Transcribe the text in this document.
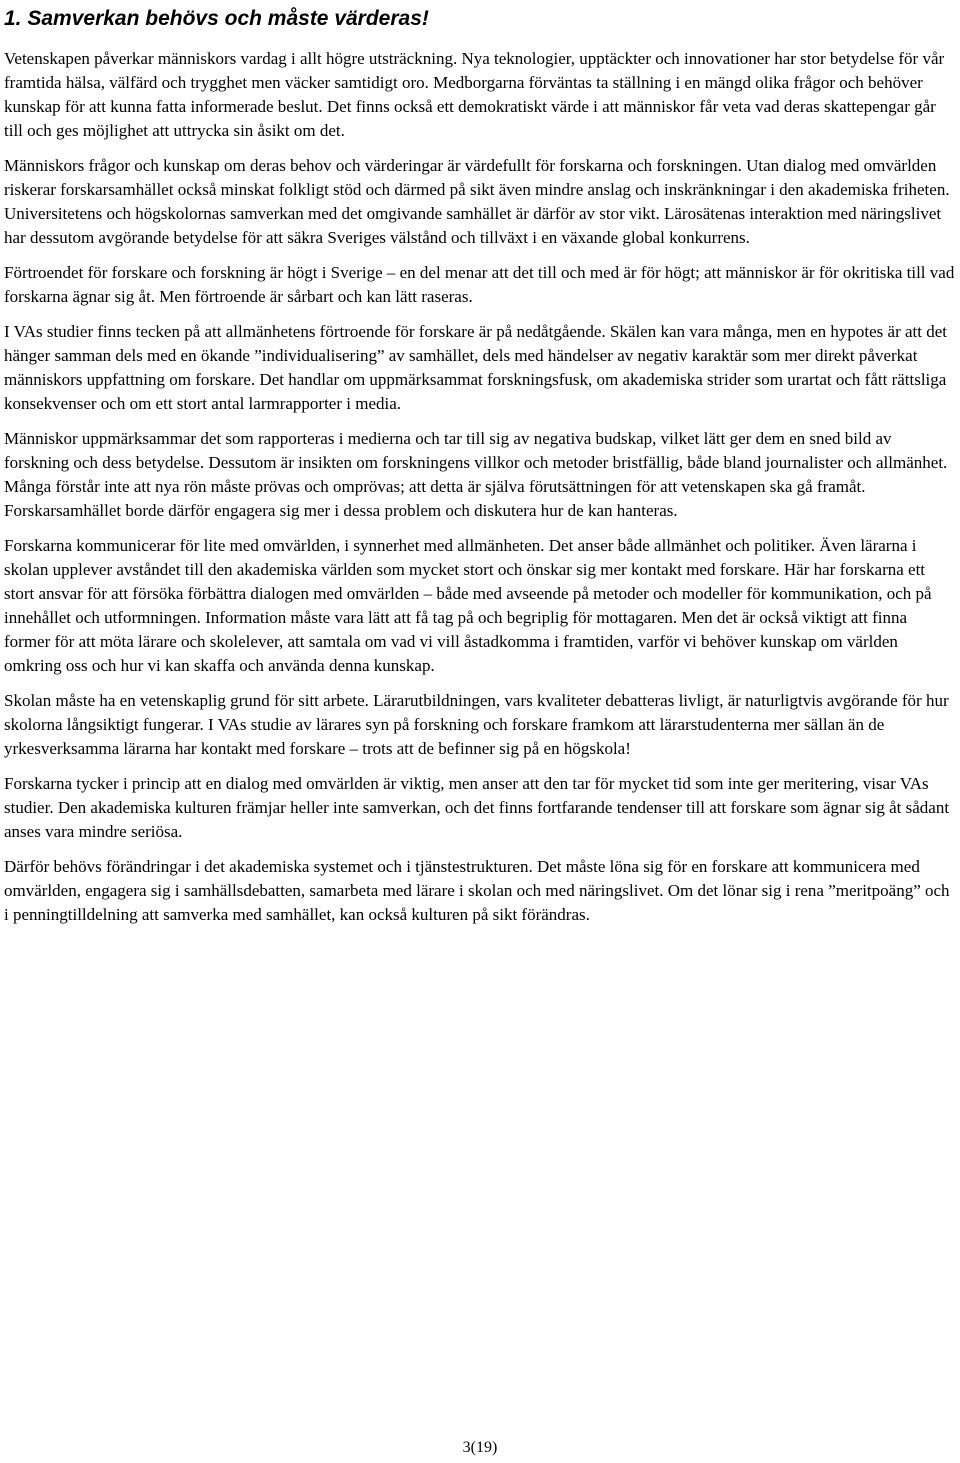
1. Samverkan behövs och måste värderas!

Vetenskapen påverkar människors vardag i allt högre utsträckning. Nya teknologier, upptäckter och innovationer har stor betydelse för vår framtida hälsa, välfärd och trygghet men väcker samtidigt oro. Medborgarna förväntas ta ställning i en mängd olika frågor och behöver kunskap för att kunna fatta informerade beslut. Det finns också ett demokratiskt värde i att människor får veta vad deras skattepengar går till och ges möjlighet att uttrycka sin åsikt om det.

Människors frågor och kunskap om deras behov och värderingar är värdefullt för forskarna och forskningen. Utan dialog med omvärlden riskerar forskarsamhället också minskat folkligt stöd och därmed på sikt även mindre anslag och inskränkningar i den akademiska friheten. Universitetens och högskolornas samverkan med det omgivande samhället är därför av stor vikt. Lärosätenas interaktion med näringslivet har dessutom avgörande betydelse för att säkra Sveriges välstånd och tillväxt i en växande global konkurrens.

Förtroendet för forskare och forskning är högt i Sverige – en del menar att det till och med är för högt; att människor är för okritiska till vad forskarna ägnar sig åt. Men förtroende är sårbart och kan lätt raseras.

I VAs studier finns tecken på att allmänhetens förtroende för forskare är på nedåtgående. Skälen kan vara många, men en hypotes är att det hänger samman dels med en ökande ”individualisering” av samhället, dels med händelser av negativ karaktär som mer direkt påverkat människors uppfattning om forskare. Det handlar om uppmärksammat forskningsfusk, om akademiska strider som urartat och fått rättsliga konsekvenser och om ett stort antal larmrapporter i media.

Människor uppmärksammar det som rapporteras i medierna och tar till sig av negativa budskap, vilket lätt ger dem en sned bild av forskning och dess betydelse. Dessutom är insikten om forskningens villkor och metoder bristfällig, både bland journalister och allmänhet. Många förstår inte att nya rön måste prövas och omprövas; att detta är själva förutsättningen för att vetenskapen ska gå framåt. Forskarsamhället borde därför engagera sig mer i dessa problem och diskutera hur de kan hanteras.

Forskarna kommunicerar för lite med omvärlden, i synnerhet med allmänheten. Det anser både allmänhet och politiker. Även lärarna i skolan upplever avståndet till den akademiska världen som mycket stort och önskar sig mer kontakt med forskare. Här har forskarna ett stort ansvar för att försöka förbättra dialogen med omvärlden – både med avseende på metoder och modeller för kommunikation, och på innehållet och utformningen. Information måste vara lätt att få tag på och begriplig för mottagaren. Men det är också viktigt att finna former för att möta lärare och skolelever, att samtala om vad vi vill åstadkomma i framtiden, varför vi behöver kunskap om världen omkring oss och hur vi kan skaffa och använda denna kunskap.

Skolan måste ha en vetenskaplig grund för sitt arbete. Lärarutbildningen, vars kvaliteter debatteras livligt, är naturligtvis avgörande för hur skolorna långsiktigt fungerar. I VAs studie av lärares syn på forskning och forskare framkom att lärarstudenterna mer sällan än de yrkesverksamma lärarna har kontakt med forskare – trots att de befinner sig på en högskola!

Forskarna tycker i princip att en dialog med omvärlden är viktig, men anser att den tar för mycket tid som inte ger meritering, visar VAs studier. Den akademiska kulturen främjar heller inte samverkan, och det finns fortfarande tendenser till att forskare som ägnar sig åt sådant anses vara mindre seriösa.

Därför behövs förändringar i det akademiska systemet och i tjänstestrukturen. Det måste löna sig för en forskare att kommunicera med omvärlden, engagera sig i samhällsdebatten, samarbeta med lärare i skolan och med näringslivet. Om det lönar sig i rena ”meritpoäng” och i penningtilldelning att samverka med samhället, kan också kulturen på sikt förändras.

3(19)
